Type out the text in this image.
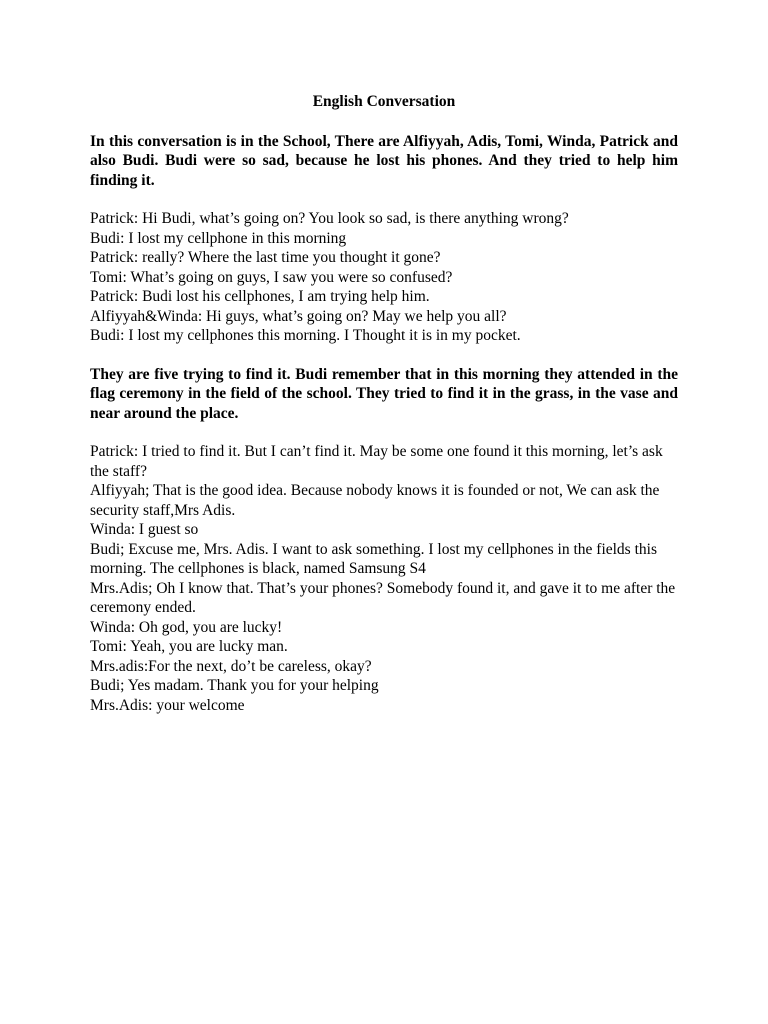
English Conversation
In this conversation is in the School, There are Alfiyyah, Adis, Tomi, Winda, Patrick and also Budi. Budi were so sad, because he lost his phones. And they tried to help him finding it.
Patrick: Hi Budi, what’s going on? You look so sad, is there anything wrong?
Budi: I lost my cellphone in this morning
Patrick: really? Where the last time you thought it gone?
Tomi: What’s going on guys, I saw you were so confused?
Patrick: Budi lost his cellphones, I am trying help him.
Alfiyyah&Winda: Hi guys, what’s going on? May we help you all?
Budi: I lost my cellphones this morning. I Thought it is in my pocket.
They are five trying to find it. Budi remember that in this morning they attended in the flag ceremony in the field of the school. They tried to find it in the grass, in the vase and near around the place.
Patrick: I tried to find it. But I can’t find it. May be some one found it this morning, let’s ask the staff?
Alfiyyah; That is the good idea. Because nobody knows it is founded or not, We can ask the security staff,Mrs Adis.
Winda: I guest so
Budi; Excuse me, Mrs. Adis. I want to ask something. I lost my cellphones in the fields this morning. The cellphones is black, named Samsung S4
Mrs.Adis; Oh I know that. That’s your phones? Somebody found it, and gave it to me after the ceremony ended.
Winda: Oh god, you are lucky!
Tomi: Yeah, you are lucky man.
Mrs.adis:For the next, do’t be careless, okay?
Budi; Yes madam. Thank you for your helping
Mrs.Adis: your welcome
